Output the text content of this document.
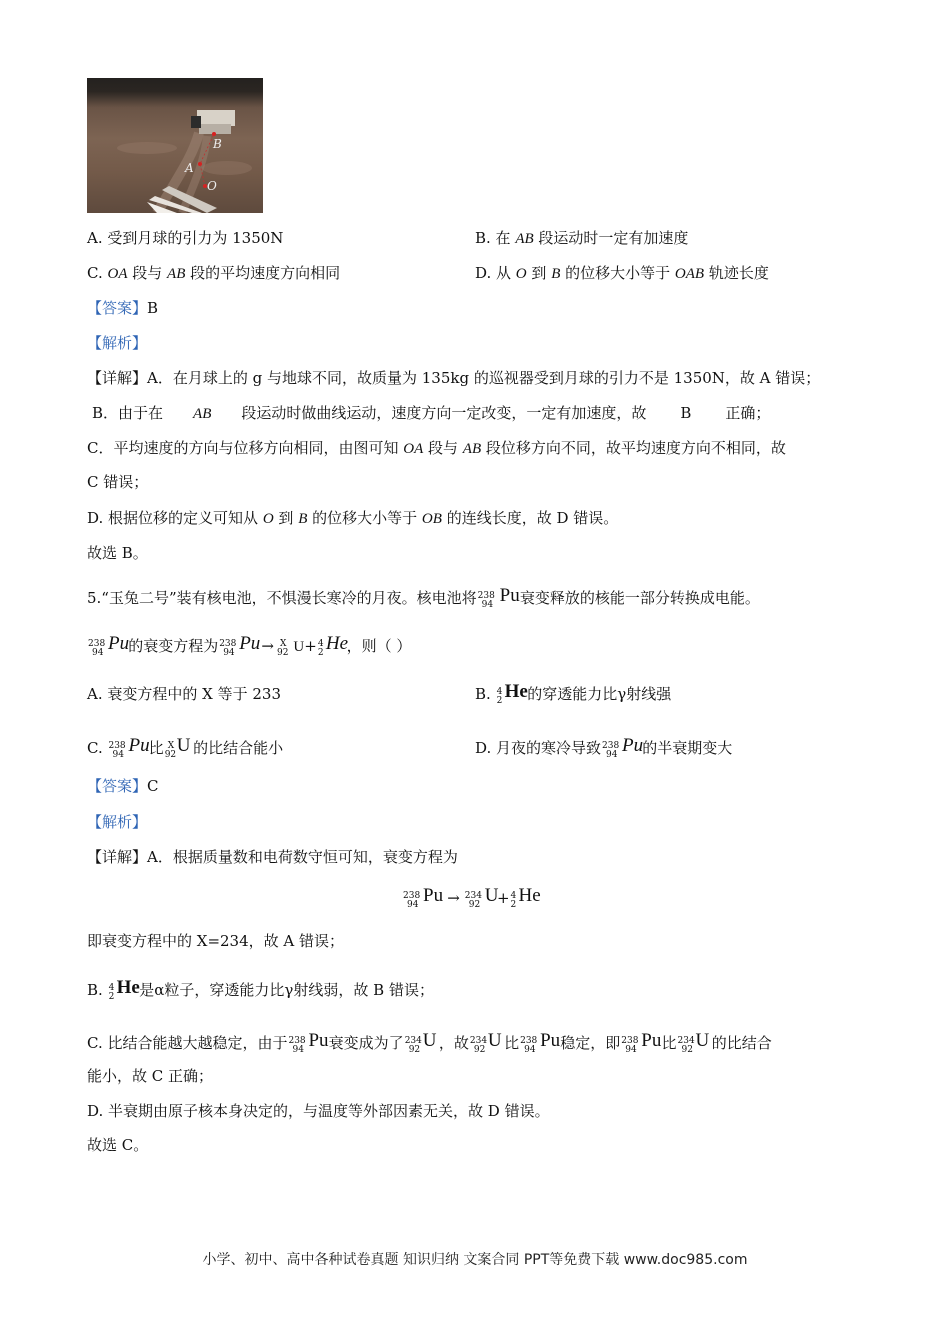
B
A
O
A. 受到月球的引力为 1350N	B. 在 AB 段运动时一定有加速度
C. OA 段与 AB 段的平均速度方向相同	D. 从 O 到 B 的位移大小等于 OAB 轨迹长度
【答案】B
【解析】
【详解】A．在月球上的 g 与地球不同，故质量为 135kg 的巡视器受到月球的引力不是 1350N，故 A 错误；
B．由于在 AB 段运动时做曲线运动，速度方向一定改变，一定有加速度，故 B 正确；
C．平均速度的方向与位移方向相同，由图可知 OA 段与 AB 段位移方向不同，故平均速度方向不相同，故
C 错误；
D. 根据位移的定义可知从 O 到 B 的位移大小等于 OB 的连线长度，故 D 错误。
故选 B。
5.“玉兔二号”装有核电池，不惧漫长寒冷的月夜。核电池将 238
94 Pu 衰变释放的核能一部分转换成电能。
238
94 Pu 的衰变方程为 238
94 Pu → X
92 U+ 4
2 He
，则（ ）
A. 衰变方程中的 X 等于 233	B. 4
2 He 的穿透能力比γ射线强
C. 238
94 Pu 比 X
92 U 的比结合能小	D. 月夜的寒冷导致 238
94 Pu 的半衰期变大
【答案】C
【解析】
【详解】A．根据质量数和电荷数守恒可知，衰变方程为
238
94 Pu → 234
92 U
+ 4
2 He
即衰变方程中的 X=234，故 A 错误；
B. 4
2 He 是α粒子，穿透能力比γ射线弱，故 B 错误；
C. 比结合能越大越稳定，由于 238
94 Pu 衰变成为了 234
92 U ，故 234
92 U 比 238
94 Pu 稳定，即 238
94 Pu 比 234
92 U 的比结合
能小，故 C 正确；
D. 半衰期由原子核本身决定的，与温度等外部因素无关，故 D 错误。
故选 C。
小学、初中、高中各种试卷真题 知识归纳 文案合同 PPT等免费下载 www.doc985.com
